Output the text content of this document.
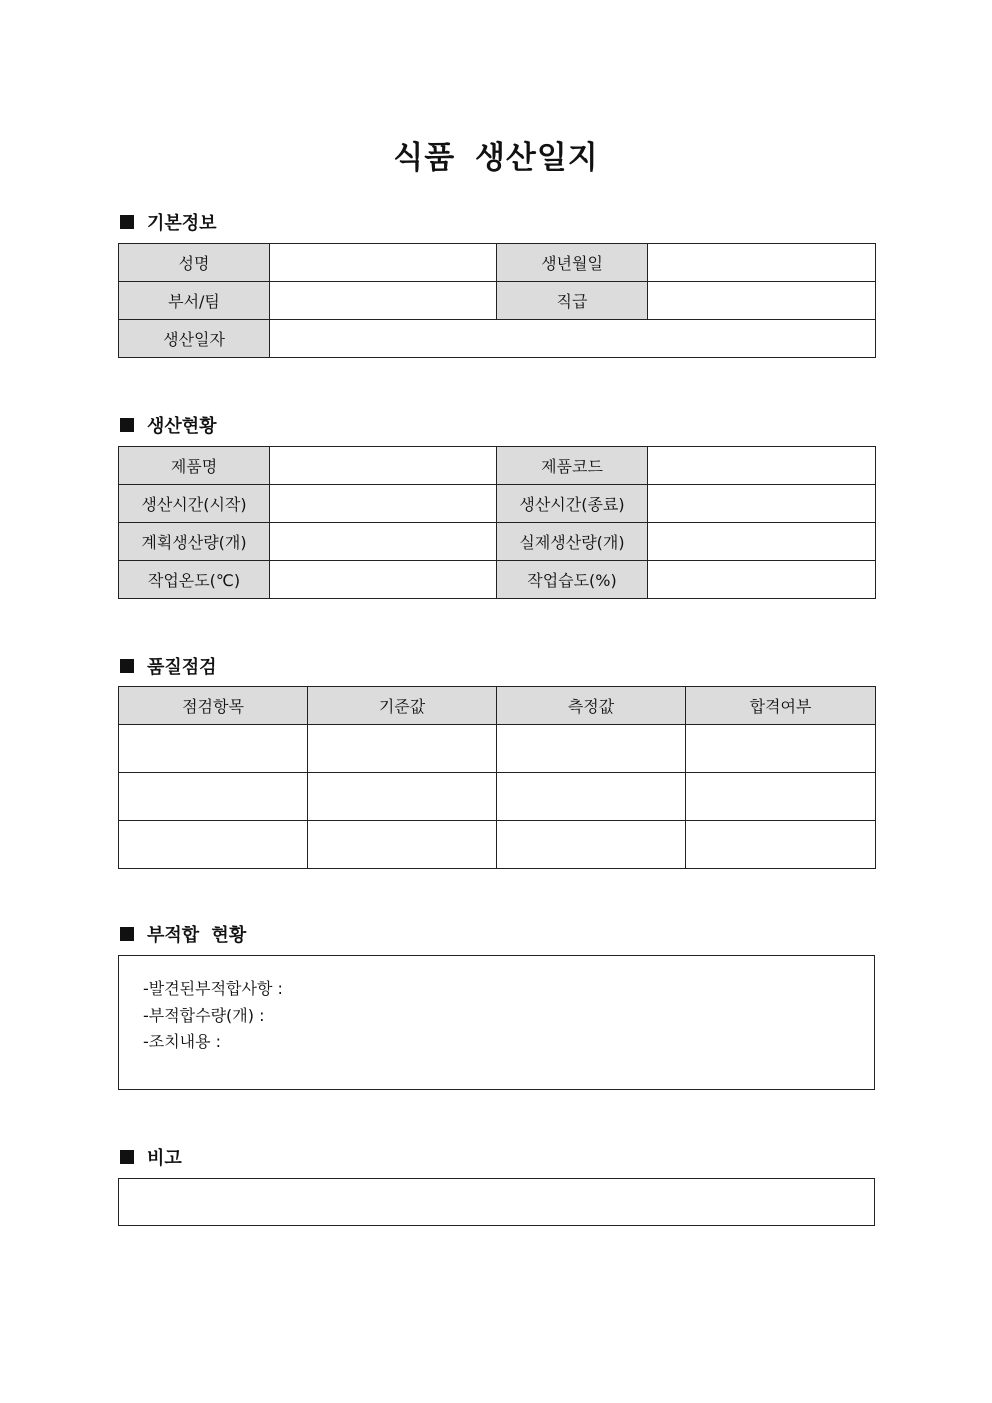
식품 생산일지
기본정보
성명		생년월일	
부서/팀		직급	
생산일자			
생산현황
제품명		제품코드	
생산시간(시작)		생산시간(종료)	
계획생산량(개)		실제생산량(개)	
작업온도(℃)		작업습도(%)	
품질점검
점검항목	기준값	측정값	합격여부

부적합 현황
-발견된부적합사항 :
-부적합수량(개) :
-조치내용 :
비고
